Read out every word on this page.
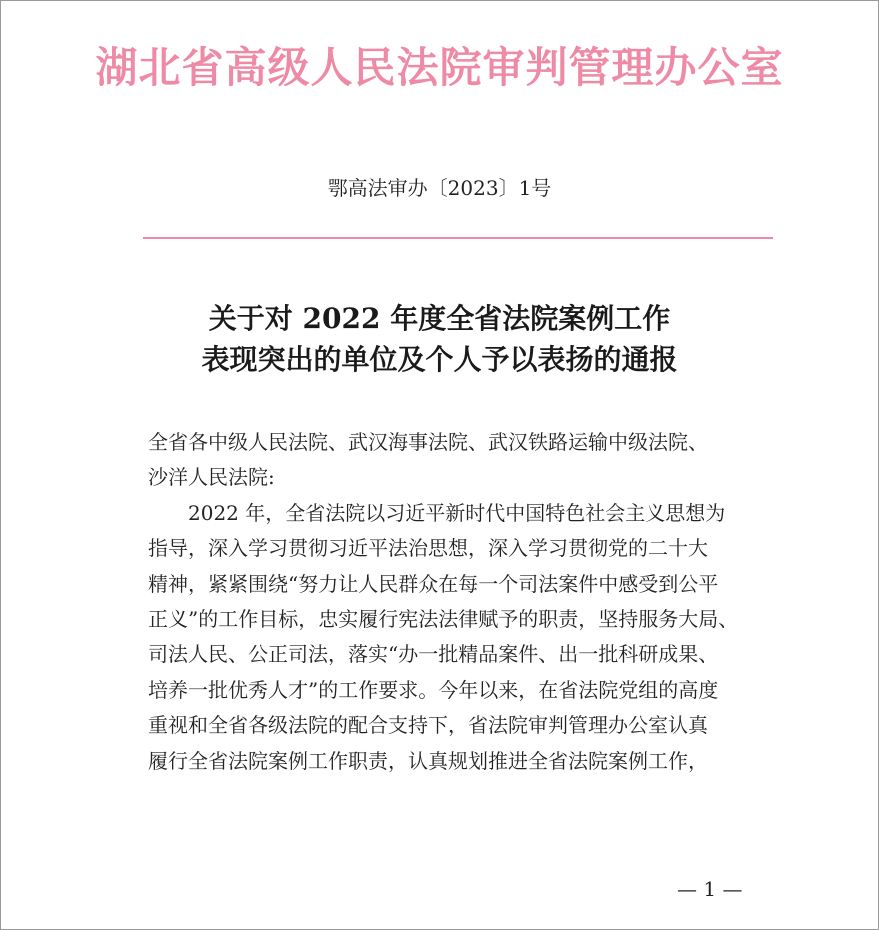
湖北省高级人民法院审判管理办公室
鄂高法审办〔2023〕1号
关于对 2022 年度全省法院案例工作
表现突出的单位及个人予以表扬的通报
全省各中级人民法院、武汉海事法院、武汉铁路运输中级法院、
沙洋人民法院:
2022 年，全省法院以习近平新时代中国特色社会主义思想为
指导，深入学习贯彻习近平法治思想，深入学习贯彻党的二十大
精神，紧紧围绕“努力让人民群众在每一个司法案件中感受到公平
正义”的工作目标，忠实履行宪法法律赋予的职责，坚持服务大局、
司法人民、公正司法，落实“办一批精品案件、出一批科研成果、
培养一批优秀人才”的工作要求。今年以来，在省法院党组的高度
重视和全省各级法院的配合支持下，省法院审判管理办公室认真
履行全省法院案例工作职责，认真规划推进全省法院案例工作，
— 1 —
